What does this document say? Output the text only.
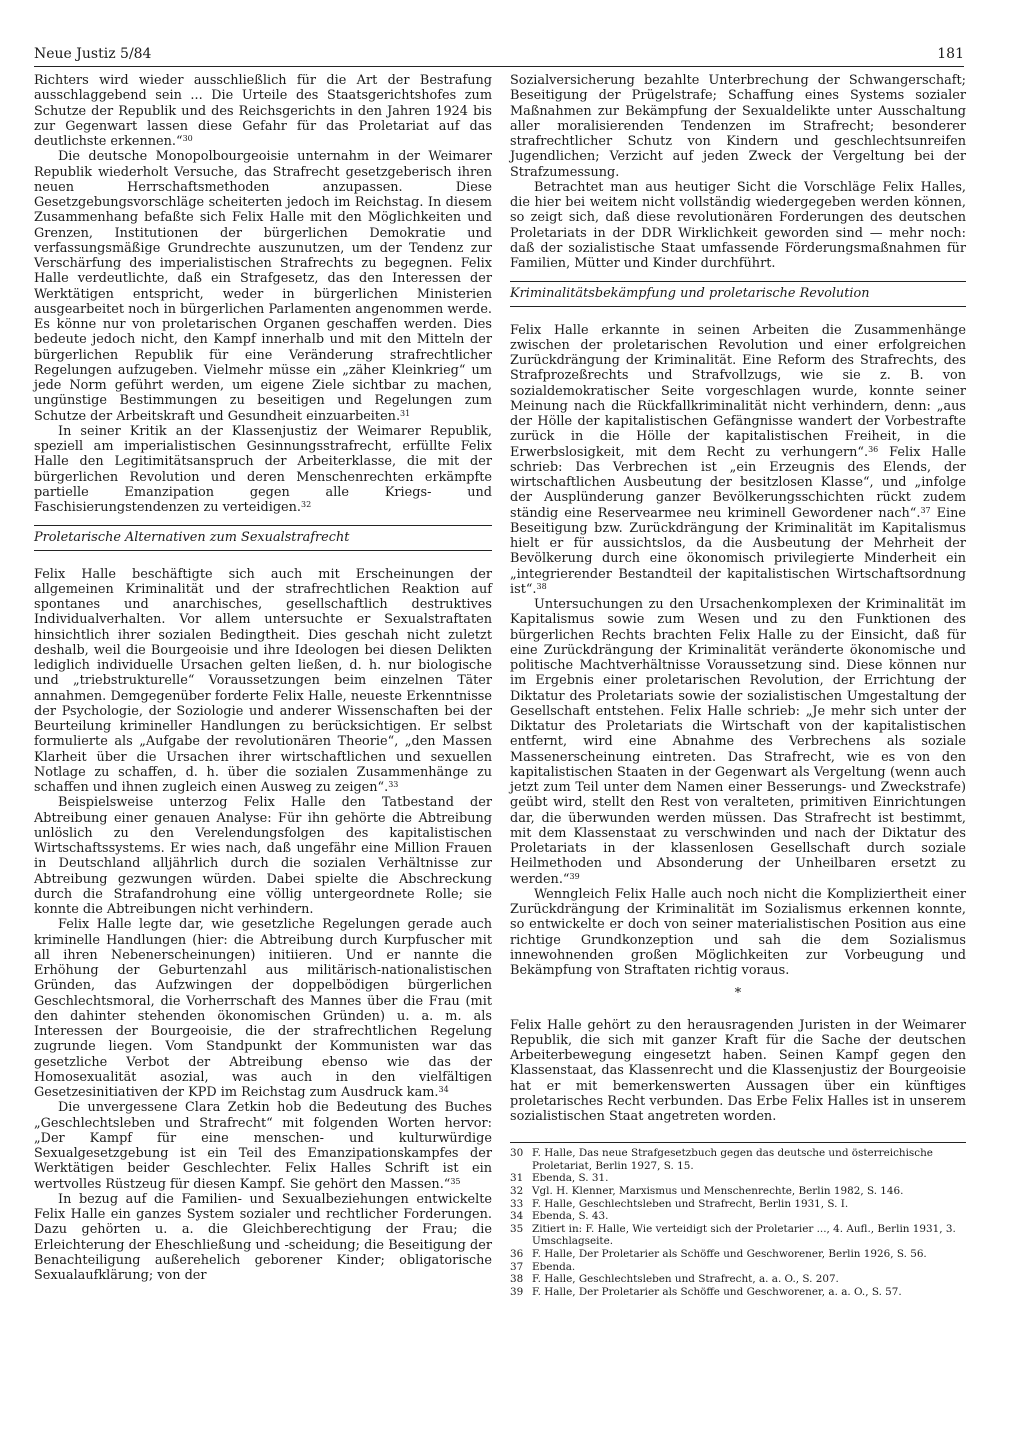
Neue Justiz 5/84	181

Richters wird wieder ausschließlich für die Art der Bestrafung ausschlaggebend sein ... Die Urteile des Staatsgerichtshofes zum Schutze der Republik und des Reichsgerichts in den Jahren 1924 bis zur Gegenwart lassen diese Gefahr für das Proletariat auf das deutlichste erkennen.“$^{30}$

Die deutsche Monopolbourgeoisie unternahm in der Weimarer Republik wiederholt Versuche, das Strafrecht gesetzgeberisch ihren neuen Herrschaftsmethoden anzupassen. Diese Gesetzgebungsvorschläge scheiterten jedoch im Reichstag. In diesem Zusammenhang befaßte sich Felix Halle mit den Möglichkeiten und Grenzen, Institutionen der bürgerlichen Demokratie und verfassungsmäßige Grundrechte auszunutzen, um der Tendenz zur Verschärfung des imperialistischen Strafrechts zu begegnen. Felix Halle verdeutlichte, daß ein Strafgesetz, das den Interessen der Werktätigen entspricht, weder in bürgerlichen Ministerien ausgearbeitet noch in bürgerlichen Parlamenten angenommen werde. Es könne nur von proletarischen Organen geschaffen werden. Dies bedeute jedoch nicht, den Kampf innerhalb und mit den Mitteln der bürgerlichen Republik für eine Veränderung strafrechtlicher Regelungen aufzugeben. Vielmehr müsse ein „zäher Kleinkrieg“ um jede Norm geführt werden, um eigene Ziele sichtbar zu machen, ungünstige Bestimmungen zu beseitigen und Regelungen zum Schutze der Arbeitskraft und Gesundheit einzuarbeiten.$^{31}$

In seiner Kritik an der Klassenjustiz der Weimarer Republik, speziell am imperialistischen Gesinnungsstrafrecht, erfüllte Felix Halle den Legitimitätsanspruch der Arbeiterklasse, die mit der bürgerlichen Revolution und deren Menschenrechten erkämpfte partielle Emanzipation gegen alle Kriegs- und Faschisierungstendenzen zu verteidigen.$^{32}$

Proletarische Alternativen zum Sexualstrafrecht

Felix Halle beschäftigte sich auch mit Erscheinungen der allgemeinen Kriminalität und der strafrechtlichen Reaktion auf spontanes und anarchisches, gesellschaftlich destruktives Individualverhalten. Vor allem untersuchte er Sexualstraftaten hinsichtlich ihrer sozialen Bedingtheit. Dies geschah nicht zuletzt deshalb, weil die Bourgeoisie und ihre Ideologen bei diesen Delikten lediglich individuelle Ursachen gelten ließen, d. h. nur biologische und „triebstrukturelle“ Voraussetzungen beim einzelnen Täter annahmen. Demgegenüber forderte Felix Halle, neueste Erkenntnisse der Psychologie, der Soziologie und anderer Wissenschaften bei der Beurteilung krimineller Handlungen zu berücksichtigen. Er selbst formulierte als „Aufgabe der revolutionären Theorie“, „den Massen Klarheit über die Ursachen ihrer wirtschaftlichen und sexuellen Notlage zu schaffen, d. h. über die sozialen Zusammenhänge zu schaffen und ihnen zugleich einen Ausweg zu zeigen“.$^{33}$

Beispielsweise unterzog Felix Halle den Tatbestand der Abtreibung einer genauen Analyse: Für ihn gehörte die Abtreibung unlöslich zu den Verelendungsfolgen des kapitalistischen Wirtschaftssystems. Er wies nach, daß ungefähr eine Million Frauen in Deutschland alljährlich durch die sozialen Verhältnisse zur Abtreibung gezwungen würden. Dabei spielte die Abschreckung durch die Strafandrohung eine völlig untergeordnete Rolle; sie konnte die Abtreibungen nicht verhindern.

Felix Halle legte dar, wie gesetzliche Regelungen gerade auch kriminelle Handlungen (hier: die Abtreibung durch Kurpfuscher mit all ihren Nebenerscheinungen) initiieren. Und er nannte die Erhöhung der Geburtenzahl aus militärisch-nationalistischen Gründen, das Aufzwingen der doppelbödigen bürgerlichen Geschlechtsmoral, die Vorherrschaft des Mannes über die Frau (mit den dahinter stehenden ökonomischen Gründen) u. a. m. als Interessen der Bourgeoisie, die der strafrechtlichen Regelung zugrunde liegen. Vom Standpunkt der Kommunisten war das gesetzliche Verbot der Abtreibung ebenso wie das der Homosexualität asozial, was auch in den vielfältigen Gesetzesinitiativen der KPD im Reichstag zum Ausdruck kam.$^{34}$

Die unvergessene Clara Zetkin hob die Bedeutung des Buches „Geschlechtsleben und Strafrecht“ mit folgenden Worten hervor: „Der Kampf für eine menschen- und kulturwürdige Sexualgesetzgebung ist ein Teil des Emanzipationskampfes der Werktätigen beider Geschlechter. Felix Halles Schrift ist ein wertvolles Rüstzeug für diesen Kampf. Sie gehört den Massen.“$^{35}$

In bezug auf die Familien- und Sexualbeziehungen entwickelte Felix Halle ein ganzes System sozialer und rechtlicher Forderungen. Dazu gehörten u. a. die Gleichberechtigung der Frau; die Erleichterung der Eheschließung und -scheidung; die Beseitigung der Benachteiligung außerehelich geborener Kinder; obligatorische Sexualaufklärung; von der

Sozialversicherung bezahlte Unterbrechung der Schwangerschaft; Beseitigung der Prügelstrafe; Schaffung eines Systems sozialer Maßnahmen zur Bekämpfung der Sexualdelikte unter Ausschaltung aller moralisierenden Tendenzen im Strafrecht; besonderer strafrechtlicher Schutz von Kindern und geschlechtsunreifen Jugendlichen; Verzicht auf jeden Zweck der Vergeltung bei der Strafzumessung.

Betrachtet man aus heutiger Sicht die Vorschläge Felix Halles, die hier bei weitem nicht vollständig wiedergegeben werden können, so zeigt sich, daß diese revolutionären Forderungen des deutschen Proletariats in der DDR Wirklichkeit geworden sind — mehr noch: daß der sozialistische Staat umfassende Förderungsmaßnahmen für Familien, Mütter und Kinder durchführt.

Kriminalitätsbekämpfung und proletarische Revolution

Felix Halle erkannte in seinen Arbeiten die Zusammenhänge zwischen der proletarischen Revolution und einer erfolgreichen Zurückdrängung der Kriminalität. Eine Reform des Strafrechts, des Strafprozeßrechts und Strafvollzugs, wie sie z. B. von sozialdemokratischer Seite vorgeschlagen wurde, konnte seiner Meinung nach die Rückfallkriminalität nicht verhindern, denn: „aus der Hölle der kapitalistischen Gefängnisse wandert der Vorbestrafte zurück in die Hölle der kapitalistischen Freiheit, in die Erwerbslosigkeit, mit dem Recht zu verhungern“.$^{36}$ Felix Halle schrieb: Das Verbrechen ist „ein Erzeugnis des Elends, der wirtschaftlichen Ausbeutung der besitzlosen Klasse“, und „infolge der Ausplünderung ganzer Bevölkerungsschichten rückt zudem ständig eine Reservearmee neu kriminell Gewordener nach“.$^{37}$ Eine Beseitigung bzw. Zurückdrängung der Kriminalität im Kapitalismus hielt er für aussichtslos, da die Ausbeutung der Mehrheit der Bevölkerung durch eine ökonomisch privilegierte Minderheit ein „integrierender Bestandteil der kapitalistischen Wirtschaftsordnung ist“.$^{38}$

Untersuchungen zu den Ursachenkomplexen der Kriminalität im Kapitalismus sowie zum Wesen und zu den Funktionen des bürgerlichen Rechts brachten Felix Halle zu der Einsicht, daß für eine Zurückdrängung der Kriminalität veränderte ökonomische und politische Machtverhältnisse Voraussetzung sind. Diese können nur im Ergebnis einer proletarischen Revolution, der Errichtung der Diktatur des Proletariats sowie der sozialistischen Umgestaltung der Gesellschaft entstehen. Felix Halle schrieb: „Je mehr sich unter der Diktatur des Proletariats die Wirtschaft von der kapitalistischen entfernt, wird eine Abnahme des Verbrechens als soziale Massenerscheinung eintreten. Das Strafrecht, wie es von den kapitalistischen Staaten in der Gegenwart als Vergeltung (wenn auch jetzt zum Teil unter dem Namen einer Besserungs- und Zweckstrafe) geübt wird, stellt den Rest von veralteten, primitiven Einrichtungen dar, die überwunden werden müssen. Das Strafrecht ist bestimmt, mit dem Klassenstaat zu verschwinden und nach der Diktatur des Proletariats in der klassenlosen Gesellschaft durch soziale Heilmethoden und Absonderung der Unheilbaren ersetzt zu werden.“$^{39}$

Wenngleich Felix Halle auch noch nicht die Kompliziertheit einer Zurückdrängung der Kriminalität im Sozialismus erkennen konnte, so entwickelte er doch von seiner materialistischen Position aus eine richtige Grundkonzeption und sah die dem Sozialismus innewohnenden großen Möglichkeiten zur Vorbeugung und Bekämpfung von Straftaten richtig voraus.

*

Felix Halle gehört zu den herausragenden Juristen in der Weimarer Republik, die sich mit ganzer Kraft für die Sache der deutschen Arbeiterbewegung eingesetzt haben. Seinen Kampf gegen den Klassenstaat, das Klassenrecht und die Klassenjustiz der Bourgeoisie hat er mit bemerkenswerten Aussagen über ein künftiges proletarisches Recht verbunden. Das Erbe Felix Halles ist in unserem sozialistischen Staat angetreten worden.

30 F. Halle, Das neue Strafgesetzbuch gegen das deutsche und österreichische Proletariat, Berlin 1927, S. 15.
31 Ebenda, S. 31.
32 Vgl. H. Klenner, Marxismus und Menschenrechte, Berlin 1982, S. 146.
33 F. Halle, Geschlechtsleben und Strafrecht, Berlin 1931, S. I.
34 Ebenda, S. 43.
35 Zitiert in: F. Halle, Wie verteidigt sich der Proletarier ..., 4. Aufl., Berlin 1931, 3. Umschlagseite.
36 F. Halle, Der Proletarier als Schöffe und Geschworener, Berlin 1926, S. 56.
37 Ebenda.
38 F. Halle, Geschlechtsleben und Strafrecht, a. a. O., S. 207.
39 F. Halle, Der Proletarier als Schöffe und Geschworener, a. a. O., S. 57.
